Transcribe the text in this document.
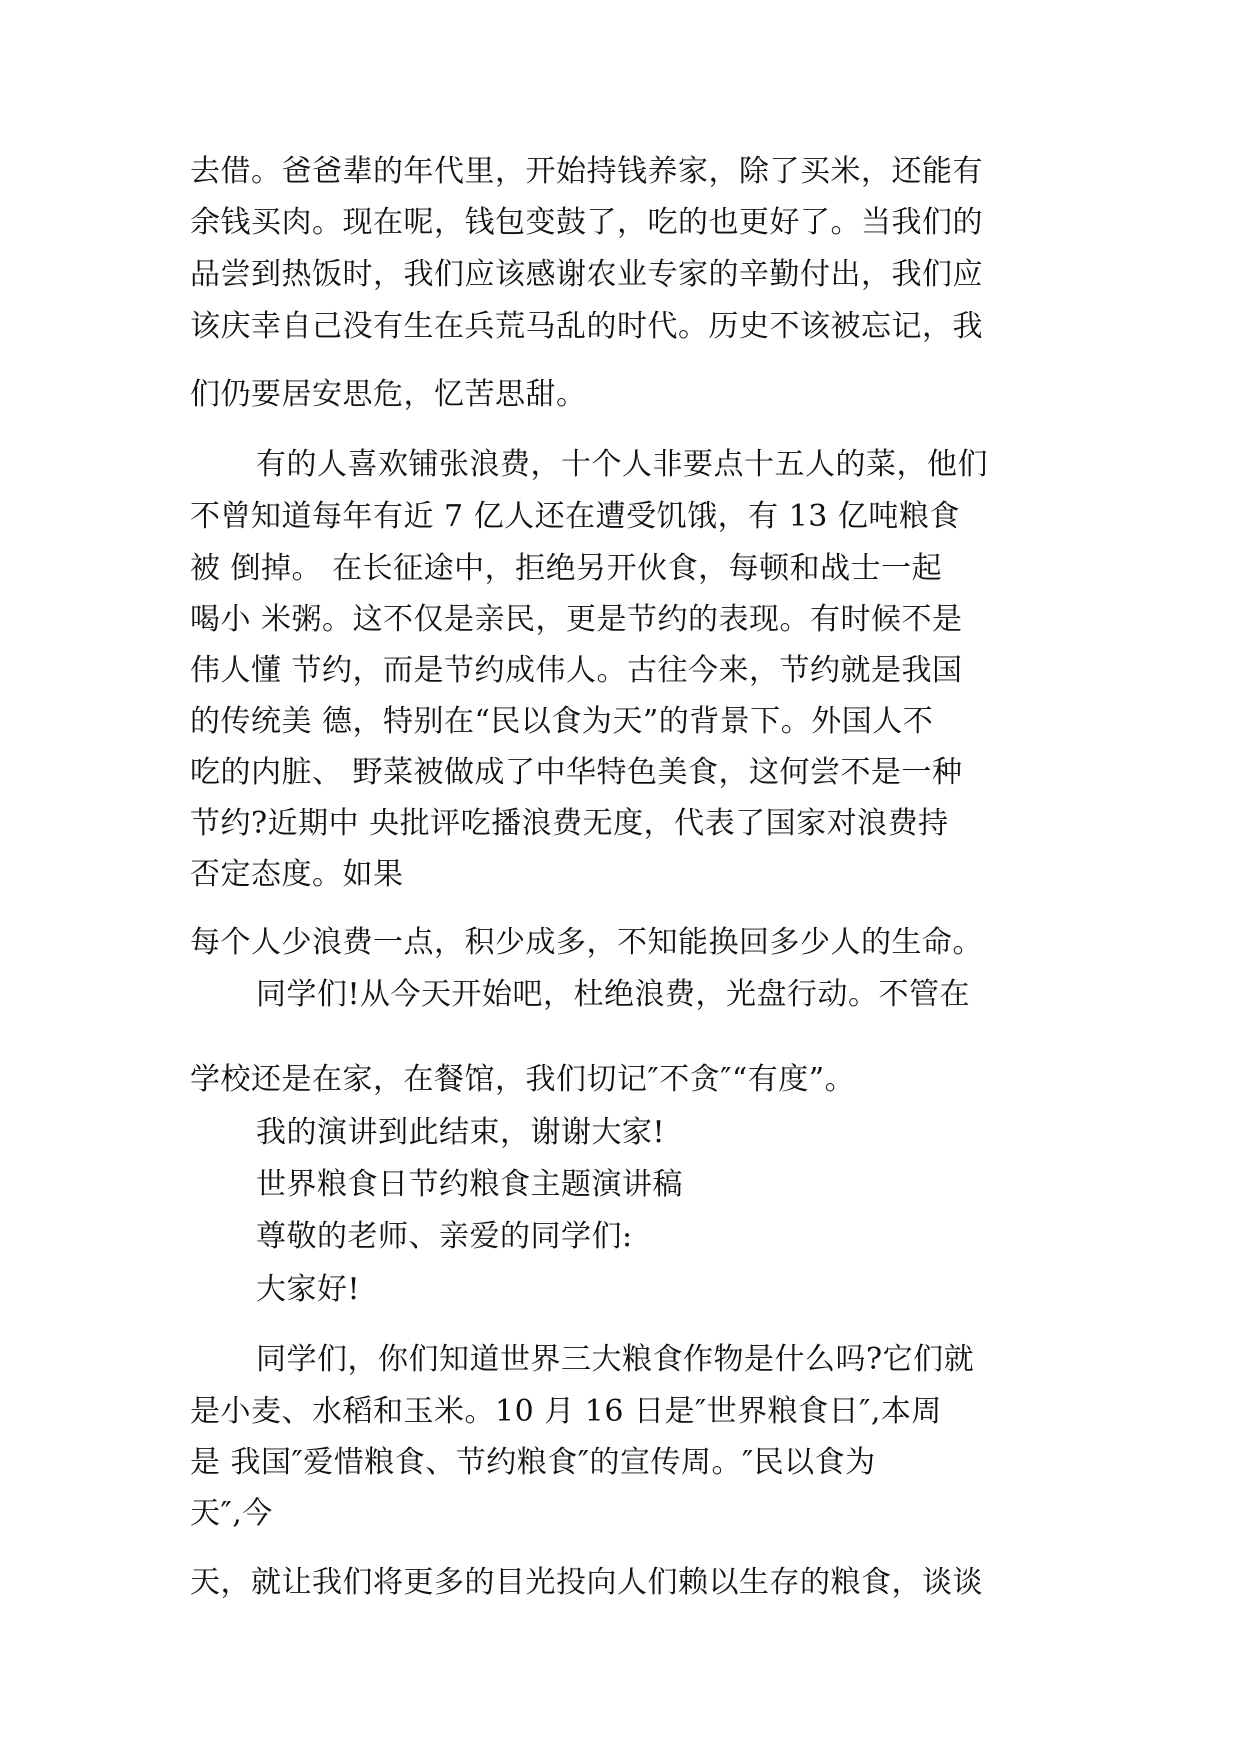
去借。爸爸辈的年代里，开始持钱养家，除了买米，还能有
余钱买肉。现在呢，钱包变鼓了，吃的也更好了。当我们的
品尝到热饭时，我们应该感谢农业专家的辛勤付出，我们应
该庆幸自己没有生在兵荒马乱的时代。历史不该被忘记，我
们仍要居安思危，忆苦思甜。
有的人喜欢铺张浪费，十个人非要点十五人的菜，他们
不曾知道每年有近 7 亿人还在遭受饥饿，有 13 亿吨粮食
被 倒掉。 在长征途中，拒绝另开伙食，每顿和战士一起
喝小 米粥。这不仅是亲民，更是节约的表现。有时候不是
伟人懂 节约，而是节约成伟人。古往今来，节约就是我国
的传统美 德，特别在“民以食为天”的背景下。外国人不
吃的内脏、 野菜被做成了中华特色美食，这何尝不是一种
节约?近期中 央批评吃播浪费无度，代表了国家对浪费持
否定态度。如果
每个人少浪费一点，积少成多，不知能换回多少人的生命。
同学们!从今天开始吧，杜绝浪费，光盘行动。不管在
学校还是在家，在餐馆，我们切记″不贪″“有度”。
我的演讲到此结束，谢谢大家!
世界粮食日节约粮食主题演讲稿
尊敬的老师、亲爱的同学们:
大家好!
同学们，你们知道世界三大粮食作物是什么吗?它们就
是小麦、水稻和玉米。10 月 16 日是″世界粮食日″,本周
是 我国″爱惜粮食、节约粮食″的宣传周。″民以食为
天″,今
天，就让我们将更多的目光投向人们赖以生存的粮食，谈谈
